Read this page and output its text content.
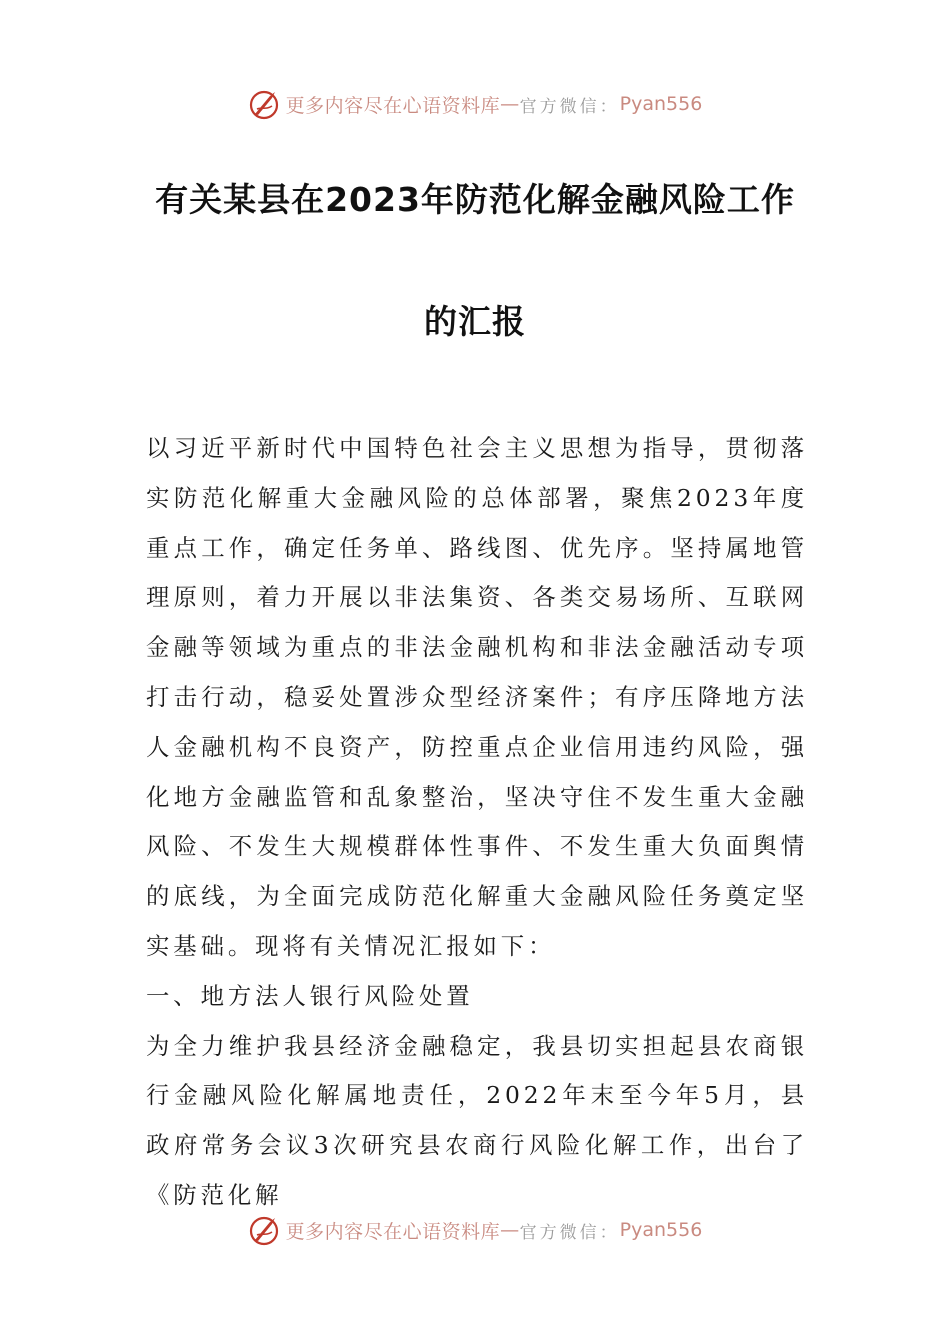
更多内容尽在心语资料库 — 官方微信： Pyan556
有关某县在2023年防范化解金融风险工作
的汇报

以习近平新时代中国特色社会主义思想为指导，贯彻落实防范化解重大金融风险的总体部署，聚焦2023年度重点工作，确定任务单、路线图、优先序。坚持属地管理原则，着力开展以非法集资、各类交易场所、互联网金融等领域为重点的非法金融机构和非法金融活动专项打击行动，稳妥处置涉众型经济案件；有序压降地方法人金融机构不良资产，防控重点企业信用违约风险，强化地方金融监管和乱象整治，坚决守住不发生重大金融风险、不发生大规模群体性事件、不发生重大负面舆情的底线，为全面完成防范化解重大金融风险任务奠定坚实基础。现将有关情况汇报如下：

一、地方法人银行风险处置

为全力维护我县经济金融稳定，我县切实担起县农商银行金融风险化解属地责任，2022年末至今年5月，县政府常务会议3次研究县农商行风险化解工作，出台了《防范化解

更多内容尽在心语资料库 — 官方微信： Pyan556
